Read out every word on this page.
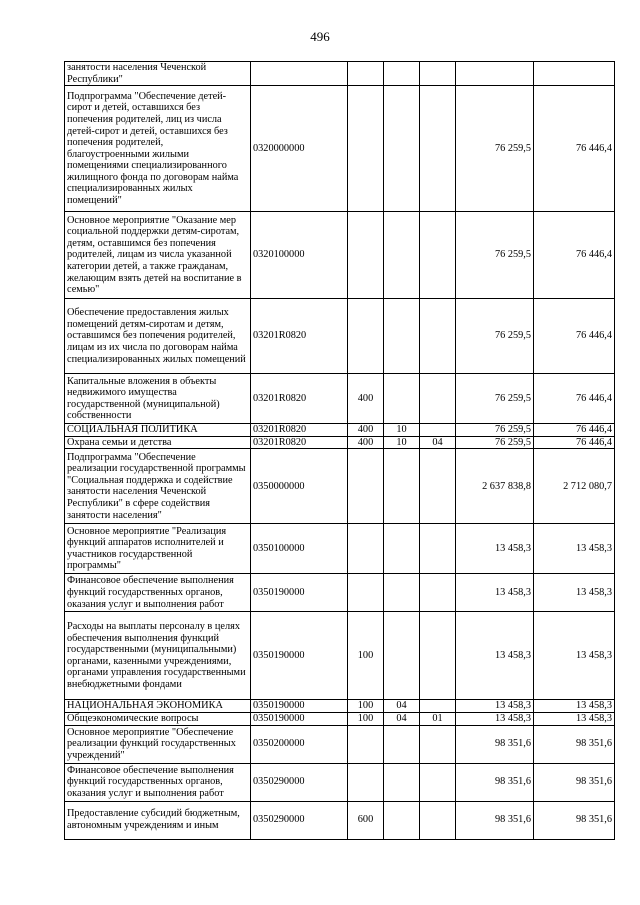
496
занятости населения Чеченской Республики"						
Подпрограмма "Обеспечение детей-сирот и детей, оставшихся без попечения родителей, лиц из числа детей-сирот и детей, оставшихся без попечения родителей, благоустроенными жилыми помещениями специализированного жилищного фонда по договорам найма специализированных жилых помещений"	0320000000				76 259,5	76 446,4
Основное мероприятие "Оказание мер социальной поддержки детям-сиротам, детям, оставшимся без попечения родителей, лицам из числа указанной категории детей, а также гражданам, желающим взять детей на воспитание в семью"	0320100000				76 259,5	76 446,4
Обеспечение предоставления жилых помещений детям-сиротам и детям, оставшимся без попечения родителей, лицам из их числа по договорам найма специализированных жилых помещений	03201R0820				76 259,5	76 446,4
Капитальные вложения в объекты недвижимого имущества государственной (муниципальной) собственности	03201R0820	400			76 259,5	76 446,4
СОЦИАЛЬНАЯ ПОЛИТИКА	03201R0820	400	10		76 259,5	76 446,4
Охрана семьи и детства	03201R0820	400	10	04	76 259,5	76 446,4
Подпрограмма "Обеспечение реализации государственной программы "Социальная поддержка и содействие занятости населения Чеченской Республики" в сфере содействия занятости населения"	0350000000				2 637 838,8	2 712 080,7
Основное мероприятие "Реализация функций аппаратов исполнителей и участников государственной программы"	0350100000				13 458,3	13 458,3
Финансовое обеспечение выполнения функций государственных органов, оказания услуг и выполнения работ	0350190000				13 458,3	13 458,3
Расходы на выплаты персоналу в целях обеспечения выполнения функций государственными (муниципальными) органами, казенными учреждениями, органами управления государственными внебюджетными фондами	0350190000	100			13 458,3	13 458,3
НАЦИОНАЛЬНАЯ ЭКОНОМИКА	0350190000	100	04		13 458,3	13 458,3
Общеэкономические вопросы	0350190000	100	04	01	13 458,3	13 458,3
Основное мероприятие "Обеспечение реализации функций государственных учреждений"	0350200000				98 351,6	98 351,6
Финансовое обеспечение выполнения функций государственных органов, оказания услуг и выполнения работ	0350290000				98 351,6	98 351,6
Предоставление субсидий бюджетным, автономным учреждениям и иным	0350290000	600			98 351,6	98 351,6
